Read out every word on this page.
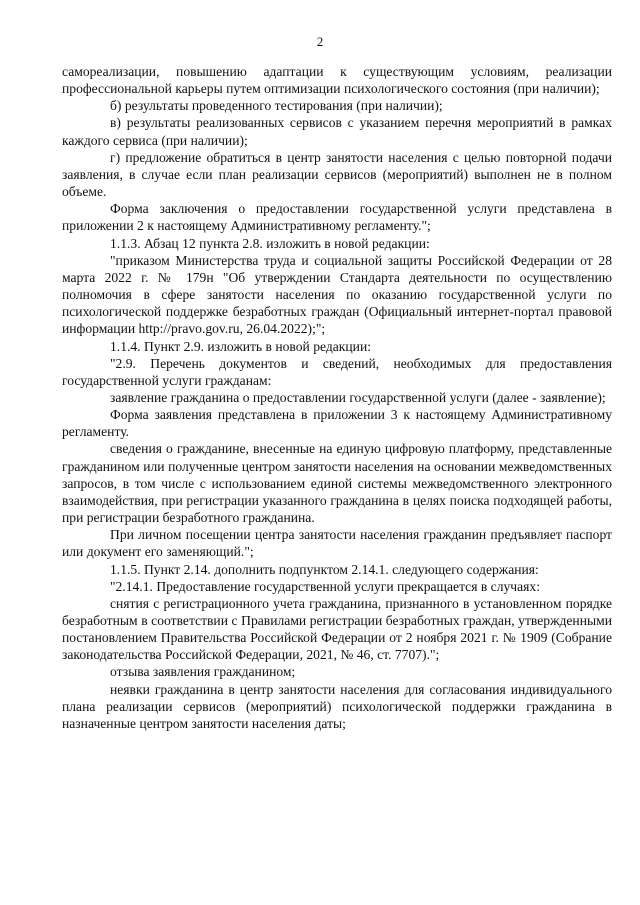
2

самореализации, повышению адаптации к существующим условиям, реализации профессиональной карьеры путем оптимизации психологического состояния (при наличии);

б) результаты проведенного тестирования (при наличии);

в) результаты реализованных сервисов с указанием перечня мероприятий в рамках каждого сервиса (при наличии);

г) предложение обратиться в центр занятости населения с целью повторной подачи заявления, в случае если план реализации сервисов (мероприятий) выполнен не в полном объеме.

Форма заключения о предоставлении государственной услуги представлена в приложении 2 к настоящему Административному регламенту.";

1.1.3. Абзац 12 пункта 2.8. изложить в новой редакции:

"приказом Министерства труда и социальной защиты Российской Федерации от 28 марта 2022 г. № 179н "Об утверждении Стандарта деятельности по осуществлению полномочия в сфере занятости населения по оказанию государственной услуги по психологической поддержке безработных граждан (Официальный интернет-портал правовой информации http://pravo.gov.ru, 26.04.2022);";

1.1.4. Пункт 2.9. изложить в новой редакции:

"2.9. Перечень документов и сведений, необходимых для предоставления государственной услуги гражданам:

заявление гражданина о предоставлении государственной услуги (далее - заявление);

Форма заявления представлена в приложении 3 к настоящему Административному регламенту.

сведения о гражданине, внесенные на единую цифровую платформу, представленные гражданином или полученные центром занятости населения на основании межведомственных запросов, в том числе с использованием единой системы межведомственного электронного взаимодействия, при регистрации указанного гражданина в целях поиска подходящей работы, при регистрации безработного гражданина.

При личном посещении центра занятости населения гражданин предъявляет паспорт или документ его заменяющий.";

1.1.5. Пункт 2.14. дополнить подпунктом 2.14.1. следующего содержания:

"2.14.1. Предоставление государственной услуги прекращается в случаях:

снятия с регистрационного учета гражданина, признанного в установленном порядке безработным в соответствии с Правилами регистрации безработных граждан, утвержденными постановлением Правительства Российской Федерации от 2 ноября 2021 г. № 1909 (Собрание законодательства Российской Федерации, 2021, № 46, ст. 7707).";

отзыва заявления гражданином;

неявки гражданина в центр занятости населения для согласования индивидуального плана реализации сервисов (мероприятий) психологической поддержки гражданина в назначенные центром занятости населения даты;
